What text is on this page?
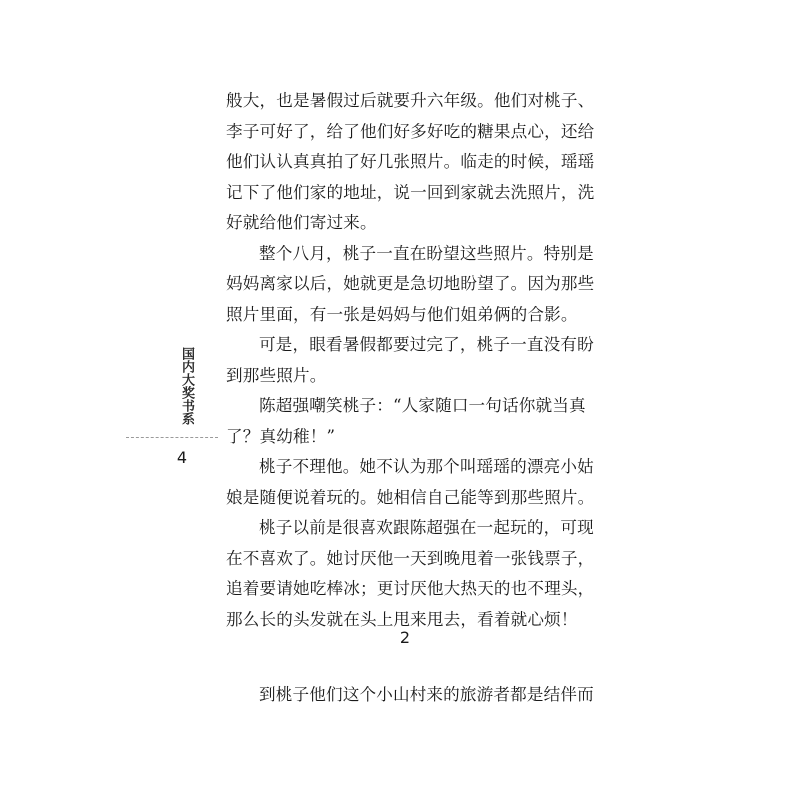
国内大奖书系
4
般大，也是暑假过后就要升六年级。他们对桃子、
李子可好了，给了他们好多好吃的糖果点心，还给
他们认认真真拍了好几张照片。临走的时候，瑶瑶
记下了他们家的地址，说一回到家就去洗照片，洗
好就给他们寄过来。
整个八月，桃子一直在盼望这些照片。特别是
妈妈离家以后，她就更是急切地盼望了。因为那些
照片里面，有一张是妈妈与他们姐弟俩的合影。
可是，眼看暑假都要过完了，桃子一直没有盼
到那些照片。
陈超强嘲笑桃子：“人家随口一句话你就当真
了？真幼稚！”
桃子不理他。她不认为那个叫瑶瑶的漂亮小姑
娘是随便说着玩的。她相信自己能等到那些照片。
桃子以前是很喜欢跟陈超强在一起玩的，可现
在不喜欢了。她讨厌他一天到晚甩着一张钱票子，
追着要请她吃棒冰；更讨厌他大热天的也不理头，
那么长的头发就在头上甩来甩去，看着就心烦！
2
到桃子他们这个小山村来的旅游者都是结伴而
